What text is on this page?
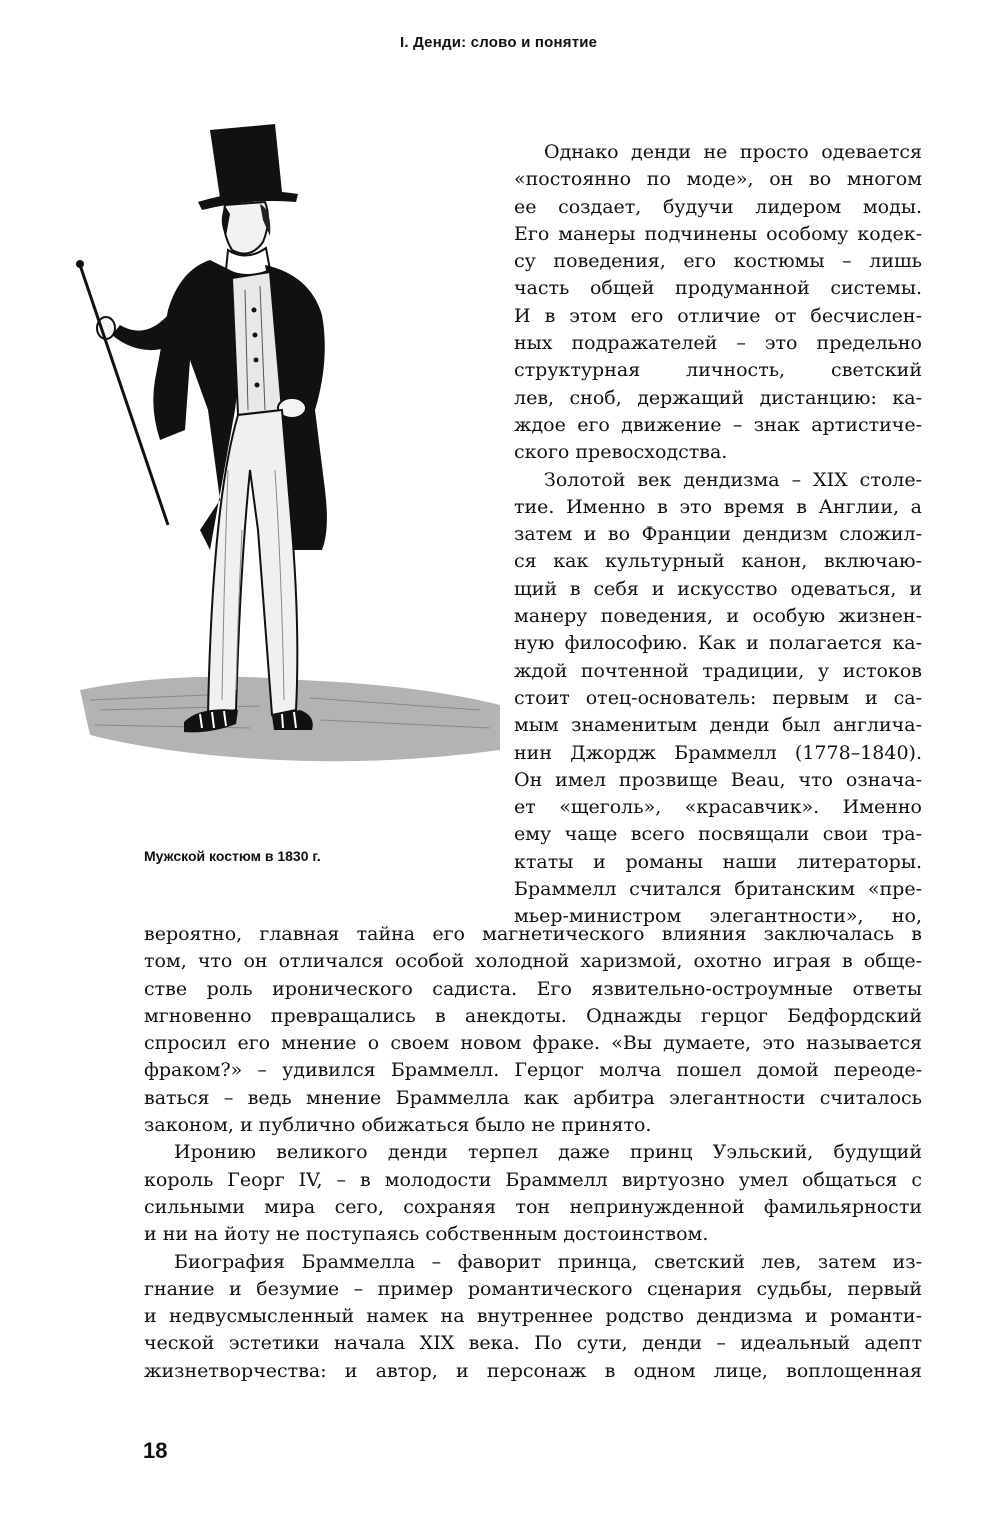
I. Денди: слово и понятие
Мужской костюм в 1830 г.
Однако денди не просто одевается
«постоянно по моде», он во многом
ее создает, будучи лидером моды.
Его манеры подчинены особому кодек-
су поведения, его костюмы – лишь
часть общей продуманной системы.
И в этом его отличие от бесчислен-
ных подражателей – это предельно
структурная личность, светский
лев, сноб, держащий дистанцию: ка-
ждое его движение – знак артистиче-
ского превосходства.
Золотой век дендизма – XIX столе-
тие. Именно в это время в Англии, а
затем и во Франции дендизм сложил-
ся как культурный канон, включаю-
щий в себя и искусство одеваться, и
манеру поведения, и особую жизнен-
ную философию. Как и полагается ка-
ждой почтенной традиции, у истоков
стоит отец-основатель: первым и са-
мым знаменитым денди был англича-
нин Джордж Браммелл (1778–1840).
Он имел прозвище Beau, что означа-
ет «щеголь», «красавчик». Именно
ему чаще всего посвящали свои тра-
ктаты и романы наши литераторы.
Браммелл считался британским «пре-
мьер-министром элегантности», но,
вероятно, главная тайна его магнетического влияния заключалась в
том, что он отличался особой холодной харизмой, охотно играя в обще-
стве роль иронического садиста. Его язвительно-остроумные ответы
мгновенно превращались в анекдоты. Однажды герцог Бедфордский
спросил его мнение о своем новом фраке. «Вы думаете, это называется
фраком?» – удивился Браммелл. Герцог молча пошел домой переоде-
ваться – ведь мнение Браммелла как арбитра элегантности считалось
законом, и публично обижаться было не принято.
Иронию великого денди терпел даже принц Уэльский, будущий
король Георг IV, – в молодости Браммелл виртуозно умел общаться с
сильными мира сего, сохраняя тон непринужденной фамильярности
и ни на йоту не поступаясь собственным достоинством.
Биография Браммелла – фаворит принца, светский лев, затем из-
гнание и безумие – пример романтического сценария судьбы, первый
и недвусмысленный намек на внутреннее родство дендизма и романти-
ческой эстетики начала XIX века. По сути, денди – идеальный адепт
жизнетворчества: и автор, и персонаж в одном лице, воплощенная
18
